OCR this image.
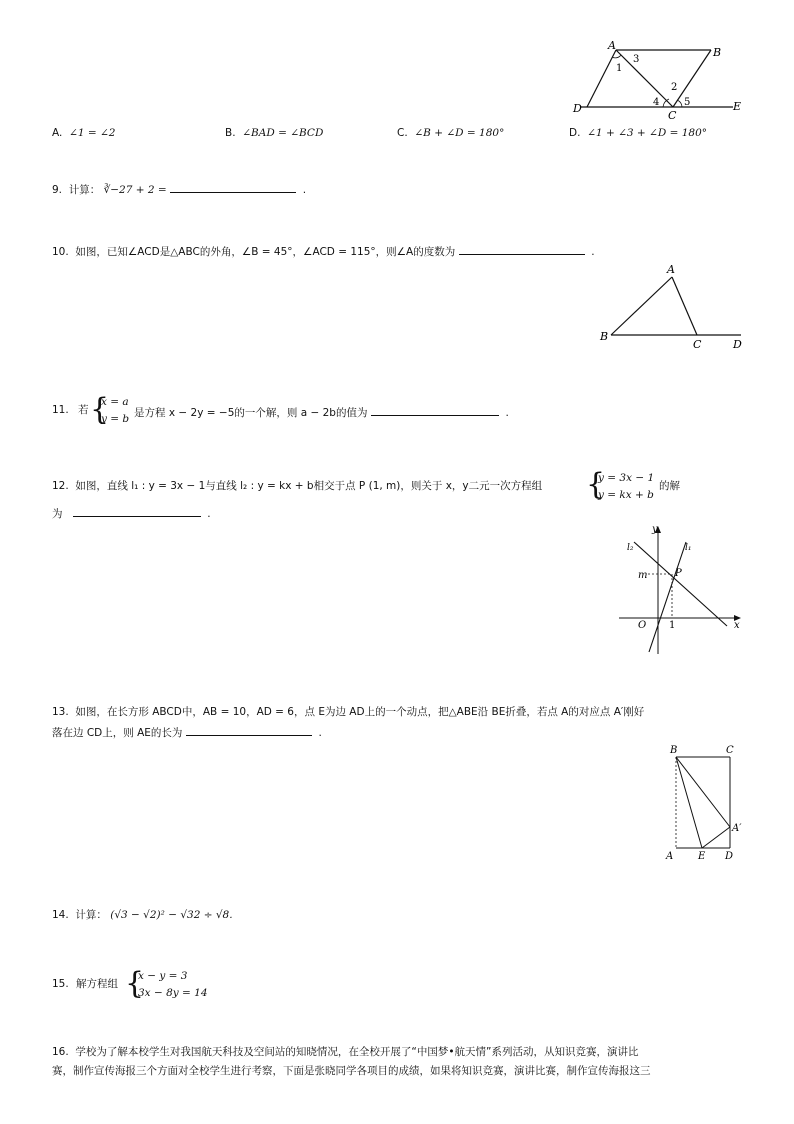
A
B
D	E
C
1
3
2
4 5
A. ∠1 = ∠2	B. ∠BAD = ∠BCD	C. ∠B + ∠D = 180°	D. ∠1 + ∠3 + ∠D = 180°
9. 计算： ∛−27 + 2 =	.
10. 如图，已知∠ACD是△ABC的外角，∠B = 45°，∠ACD = 115°，则∠A的度数为	.
A
B
C	D
11. 若 {
x = a
y = b 是方程 x − 2y = −5的一个解，则 a − 2b的值为	.
12. 如图，直线 l₁ : y = 3x − 1与直线 l₂ : y = kx + b相交于点 P (1, m)，则关于 x，y二元一次方程组 {
y = 3x − 1
y = kx + b
的解
为	.
y
x
O 1
m	P
l₁
l₂
13. 如图，在长方形 ABCD中，AB = 10，AD = 6，点 E为边 AD上的一个动点，把△ABE沿 BE折叠，若点 A的对应点 A′刚好
落在边 CD上，则 AE的长为	.
B	C
A′
A E D
14. 计算： (√3 − √2)² − √32 ÷ √8.
15. 解方程组 {
x − y = 3
3x − 8y = 14
16. 学校为了解本校学生对我国航天科技及空间站的知晓情况，在全校开展了“中国梦•航天情”系列活动，从知识竞赛，演讲比
赛，制作宣传海报三个方面对全校学生进行考察，下面是张晓同学各项目的成绩，如果将知识竞赛，演讲比赛，制作宣传海报这三
